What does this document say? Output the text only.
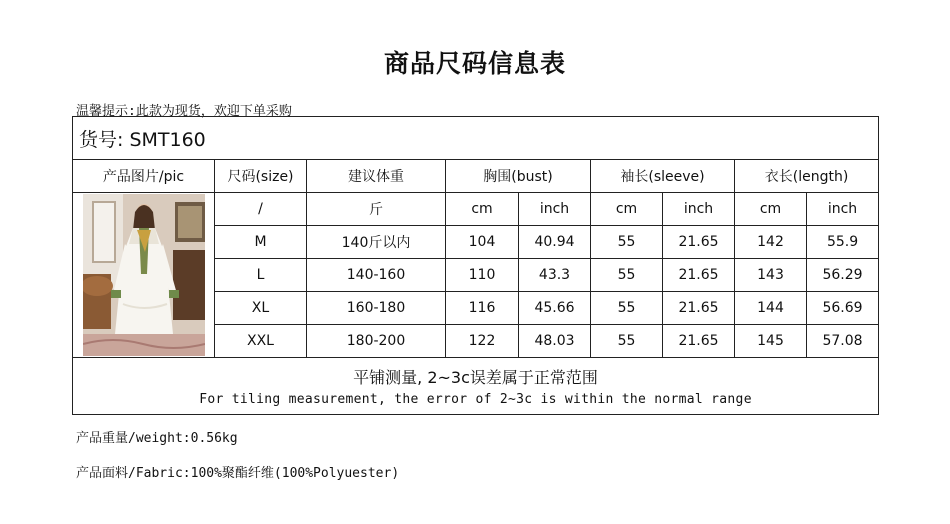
商品尺码信息表
温馨提示:此款为现货，欢迎下单采购
货号: SMT160								
产品图片/pic	尺码(size)	建议体重	胸围(bust)		袖长(sleeve)		衣长(length)	

	/	斤	cm	inch	cm	inch	cm	inch
	M	140斤以内	104	40.94	55	21.65	142	55.9
	L	140-160	110	43.3	55	21.65	143	56.29
	XL	160-180	116	45.66	55	21.65	144	56.69
	XXL	180-200	122	48.03	55	21.65	145	57.08

平铺测量, 2~3c误差属于正常范围
For tiling measurement, the error of 2~3c is within the normal range								
产品重量/weight:0.56kg
产品面料/Fabric:100%聚酯纤维(100%Polyuester)
